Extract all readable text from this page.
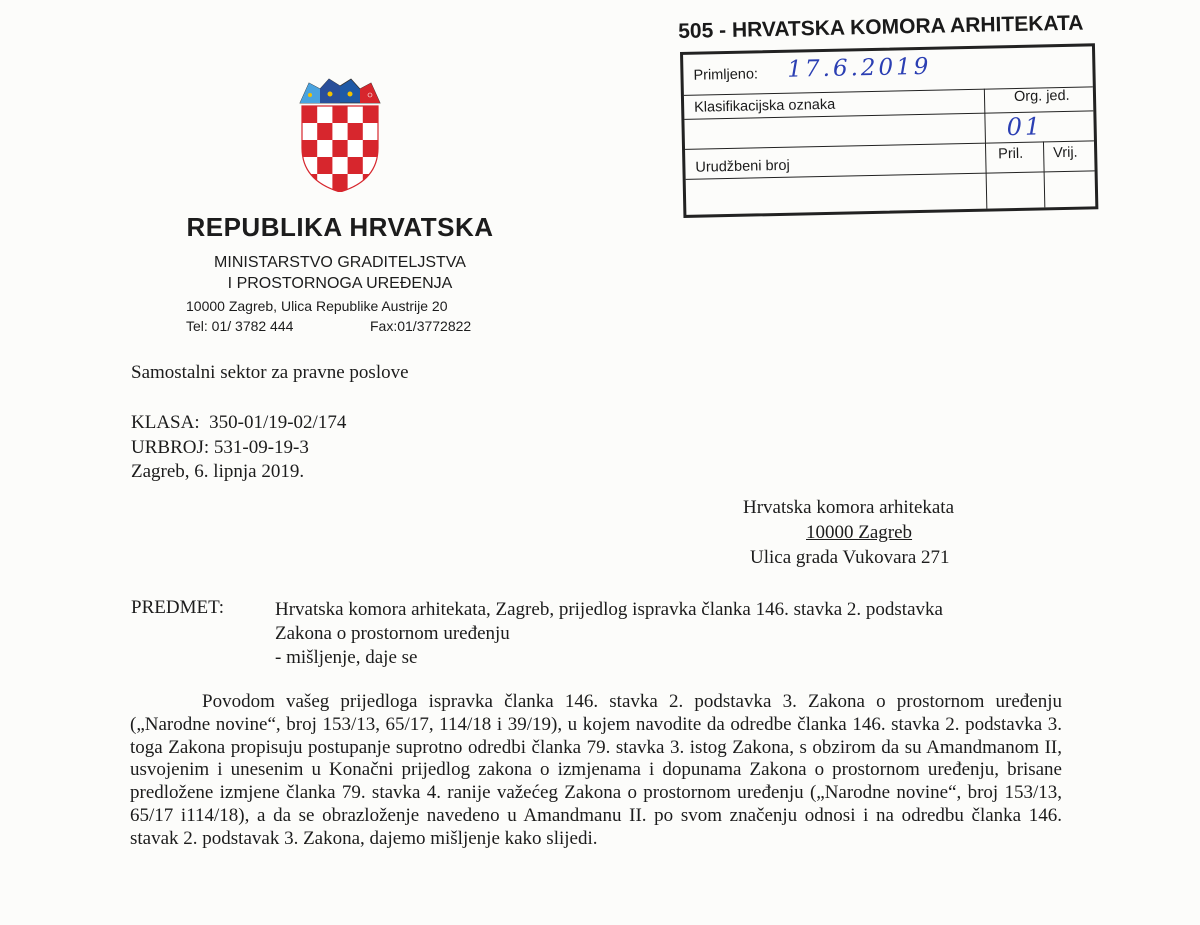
505 - HRVATSKA KOMORA ARHITEKATA
Primljeno: 17.6.2019
Klasifikacijska oznaka
Org. jed.
01
Urudžbeni broj
Pril. Vrij.
REPUBLIKA HRVATSKA
MINISTARSTVO GRADITELJSTVA
I PROSTORNOGA UREĐENJA
10000 Zagreb, Ulica Republike Austrije 20
Tel: 01/ 3782 444	Fax:01/3772822
Samostalni sektor za pravne poslove
KLASA:  350-01/19-02/174
URBROJ: 531-09-19-3
Zagreb, 6. lipnja 2019.
Hrvatska komora arhitekata
10000 Zagreb
Ulica grada Vukovara 271
PREDMET:	Hrvatska komora arhitekata, Zagreb, prijedlog ispravka članka 146. stavka 2. podstavka
Zakona o prostornom uređenju
- mišljenje, daje se

Povodom vašeg prijedloga ispravka članka 146. stavka 2. podstavka 3. Zakona o prostornom uređenju („Narodne novine“, broj 153/13, 65/17, 114/18 i 39/19), u kojem navodite da odredbe članka 146. stavka 2. podstavka 3. toga Zakona propisuju postupanje suprotno odredbi članka 79. stavka 3. istog Zakona, s obzirom da su Amandmanom II, usvojenim i unesenim u Konačni prijedlog zakona o izmjenama i dopunama Zakona o prostornom uređenju, brisane predložene izmjene članka 79. stavka 4. ranije važećeg Zakona o prostornom uređenju („Narodne novine“, broj 153/13, 65/17 i114/18), a da se obrazloženje navedeno u Amandmanu II. po svom značenju odnosi i na odredbu članka 146. stavak 2. podstavak 3. Zakona, dajemo mišljenje kako slijedi.
